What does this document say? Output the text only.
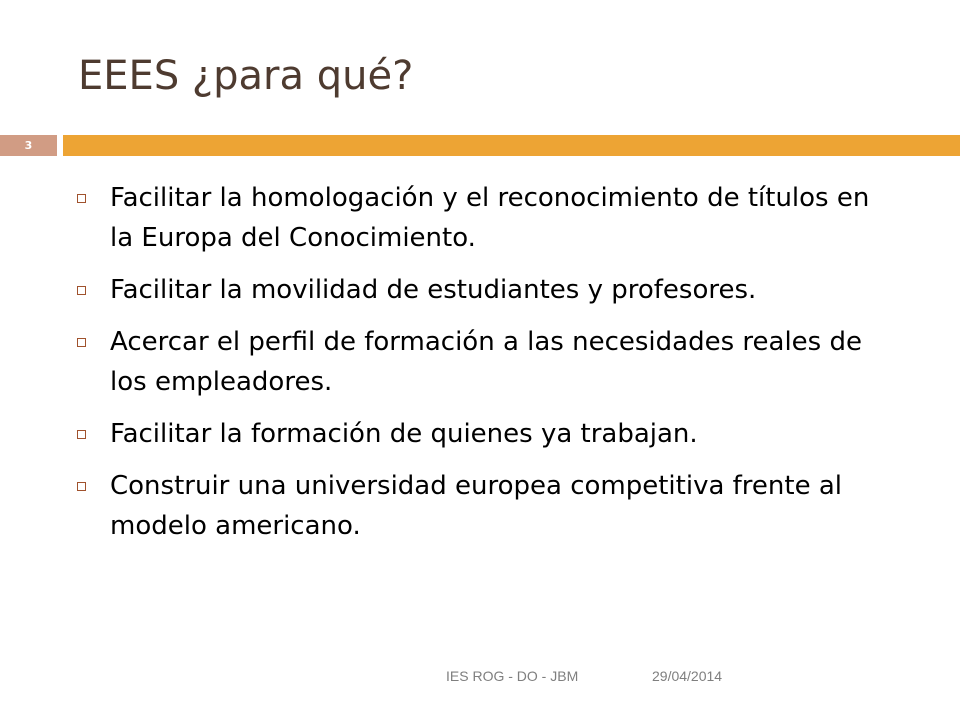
EEES ¿para qué?
3
Facilitar la homologación y el reconocimiento de títulos en la Europa del Conocimiento.
Facilitar la movilidad de estudiantes y profesores.
Acercar el perfil de formación a las necesidades reales de los empleadores.
Facilitar la formación de quienes ya trabajan.
Construir una universidad europea competitiva frente al modelo americano.
IES ROG - DO - JBM	29/04/2014
